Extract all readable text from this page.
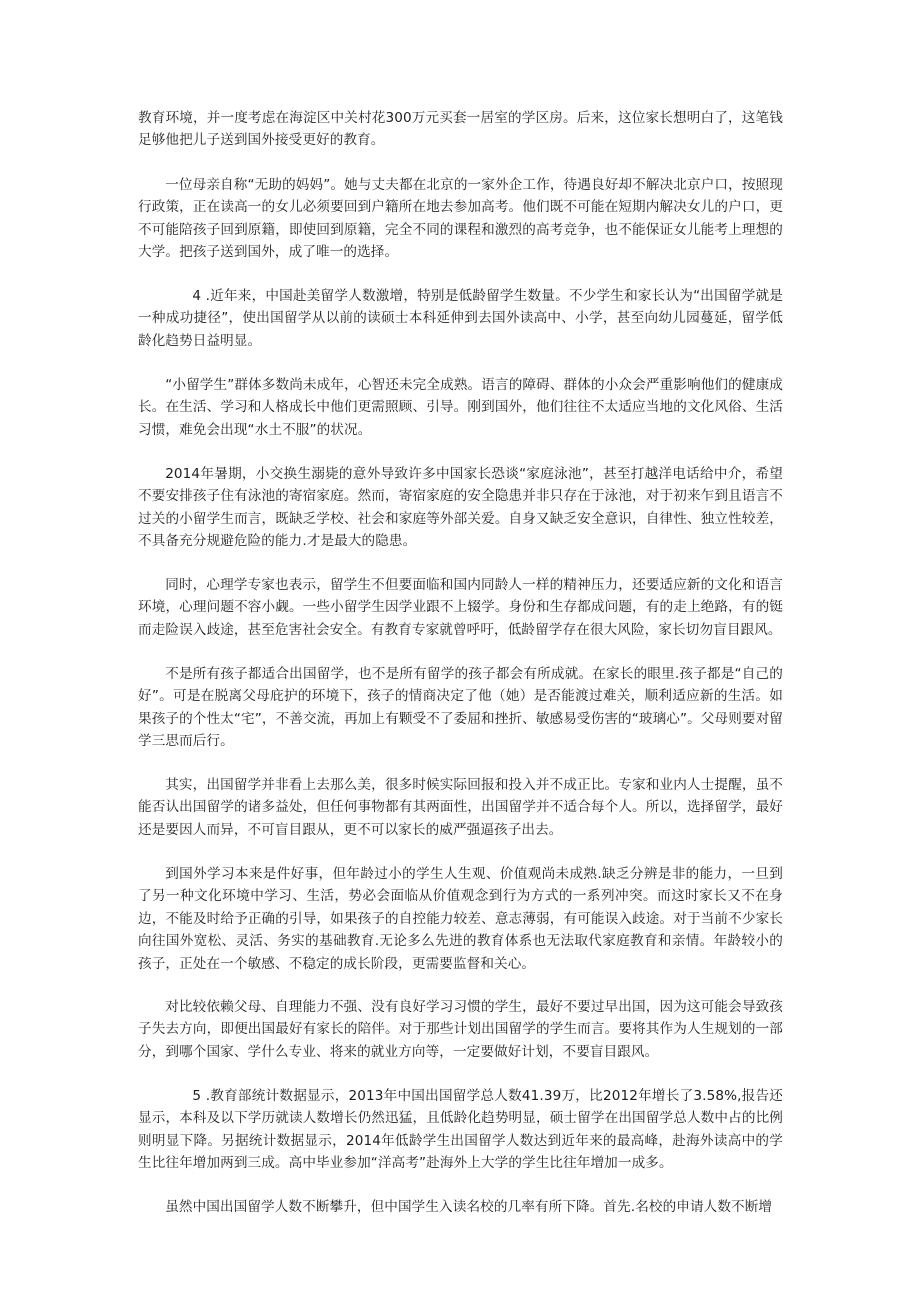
教育环境，并一度考虑在海淀区中关村花300万元买套一居室的学区房。后来，这位家长想明白了，这笔钱足够他把儿子送到国外接受更好的教育。

一位母亲自称“无助的妈妈”。她与丈夫都在北京的一家外企工作，待遇良好却不解决北京户口，按照现行政策，正在读高一的女儿必须要回到户籍所在地去参加高考。他们既不可能在短期内解决女儿的户口，更不可能陪孩子回到原籍，即使回到原籍，完全不同的课程和激烈的高考竞争，也不能保证女儿能考上理想的大学。把孩子送到国外，成了唯一的选择。

4 .近年来，中国赴美留学人数激增，特别是低龄留学生数量。不少学生和家长认为“出国留学就是一种成功捷径”，使出国留学从以前的读硕士本科延伸到去国外读高中、小学，甚至向幼儿园蔓延，留学低龄化趋势日益明显。

“小留学生”群体多数尚未成年，心智还未完全成熟。语言的障碍、群体的小众会严重影响他们的健康成长。在生活、学习和人格成长中他们更需照顾、引导。刚到国外，他们往往不太适应当地的文化风俗、生活习惯，难免会出现“水土不服”的状况。

2014年暑期，小交换生溺毙的意外导致许多中国家长恐谈“家庭泳池”，甚至打越洋电话给中介，希望不要安排孩子住有泳池的寄宿家庭。然而，寄宿家庭的安全隐患并非只存在于泳池，对于初来乍到且语言不过关的小留学生而言，既缺乏学校、社会和家庭等外部关爱。自身又缺乏安全意识，自律性、独立性较差，不具备充分规避危险的能力.才是最大的隐患。

同时，心理学专家也表示，留学生不但要面临和国内同龄人一样的精神压力，还要适应新的文化和语言环境，心理问题不容小觑。一些小留学生因学业跟不上辍学。身份和生存都成问题，有的走上绝路，有的铤而走险误入歧途，甚至危害社会安全。有教育专家就曾呼吁，低龄留学存在很大风险，家长切勿盲目跟风。

不是所有孩子都适合出国留学，也不是所有留学的孩子都会有所成就。在家长的眼里.孩子都是“自己的好”。可是在脱离父母庇护的环境下，孩子的情商决定了他（她）是否能渡过难关，顺利适应新的生活。如果孩子的个性太“宅”，不善交流，再加上有颗受不了委屈和挫折、敏感易受伤害的“玻璃心”。父母则要对留学三思而后行。

其实，出国留学并非看上去那么美，很多时候实际回报和投入并不成正比。专家和业内人士提醒，虽不能否认出国留学的诸多益处，但任何事物都有其两面性，出国留学并不适合每个人。所以，选择留学，最好还是要因人而异，不可盲目跟从，更不可以家长的威严强逼孩子出去。

到国外学习本来是件好事，但年龄过小的学生人生观、价值观尚未成熟.缺乏分辨是非的能力，一旦到了另一种文化环境中学习、生活，势必会面临从价值观念到行为方式的一系列冲突。而这时家长又不在身边，不能及时给予正确的引导，如果孩子的自控能力较差、意志薄弱，有可能误入歧途。对于当前不少家长向往国外宽松、灵活、务实的基础教育.无论多么先进的教育体系也无法取代家庭教育和亲情。年龄较小的孩子，正处在一个敏感、不稳定的成长阶段，更需要监督和关心。

对比较依赖父母、自理能力不强、没有良好学习习惯的学生，最好不要过早出国，因为这可能会导致孩子失去方向，即便出国最好有家长的陪伴。对于那些计划出国留学的学生而言。要将其作为人生规划的一部分，到哪个国家、学什么专业、将来的就业方向等，一定要做好计划，不要盲目跟风。

5 .教育部统计数据显示，2013年中国出国留学总人数41.39万，比2012年增长了3.58%,报告还显示，本科及以下学历就读人数增长仍然迅猛，且低龄化趋势明显，硕士留学在出国留学总人数中占的比例则明显下降。另据统计数据显示，2014年低龄学生出国留学人数达到近年来的最高峰，赴海外读高中的学生比往年增加两到三成。高中毕业参加“洋高考”赴海外上大学的学生比往年增加一成多。

虽然中国出国留学人数不断攀升，但中国学生入读名校的几率有所下降。首先.名校的申请人数不断增
